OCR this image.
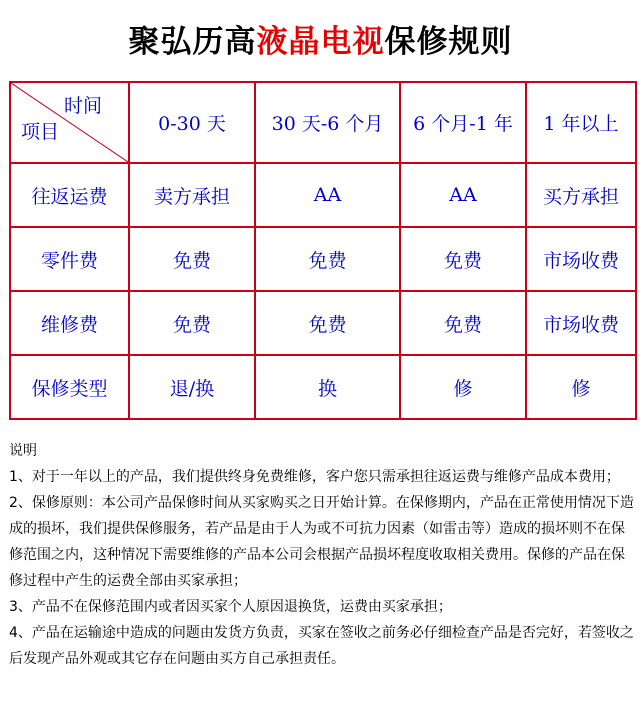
聚弘历高液晶电视保修规则
时间
项目	0-30 天	30 天-6 个月	6 个月-1 年	1 年以上
往返运费	卖方承担	AA	AA	买方承担
零件费	免费	免费	免费	市场收费
维修费	免费	免费	免费	市场收费
保修类型	退/换	换	修	修

说明

1、对于一年以上的产品，我们提供终身免费维修，客户您只需承担往返运费与维修产品成本费用；

2、保修原则：本公司产品保修时间从买家购买之日开始计算。在保修期内，产品在正常使用情况下造成的损坏，我们提供保修服务，若产品是由于人为或不可抗力因素（如雷击等）造成的损坏则不在保修范围之内，这种情况下需要维修的产品本公司会根据产品损坏程度收取相关费用。保修的产品在保修过程中产生的运费全部由买家承担；

3、产品不在保修范围内或者因买家个人原因退换货，运费由买家承担；

4、产品在运输途中造成的问题由发货方负责，买家在签收之前务必仔细检查产品是否完好，若签收之后发现产品外观或其它存在问题由买方自己承担责任。
